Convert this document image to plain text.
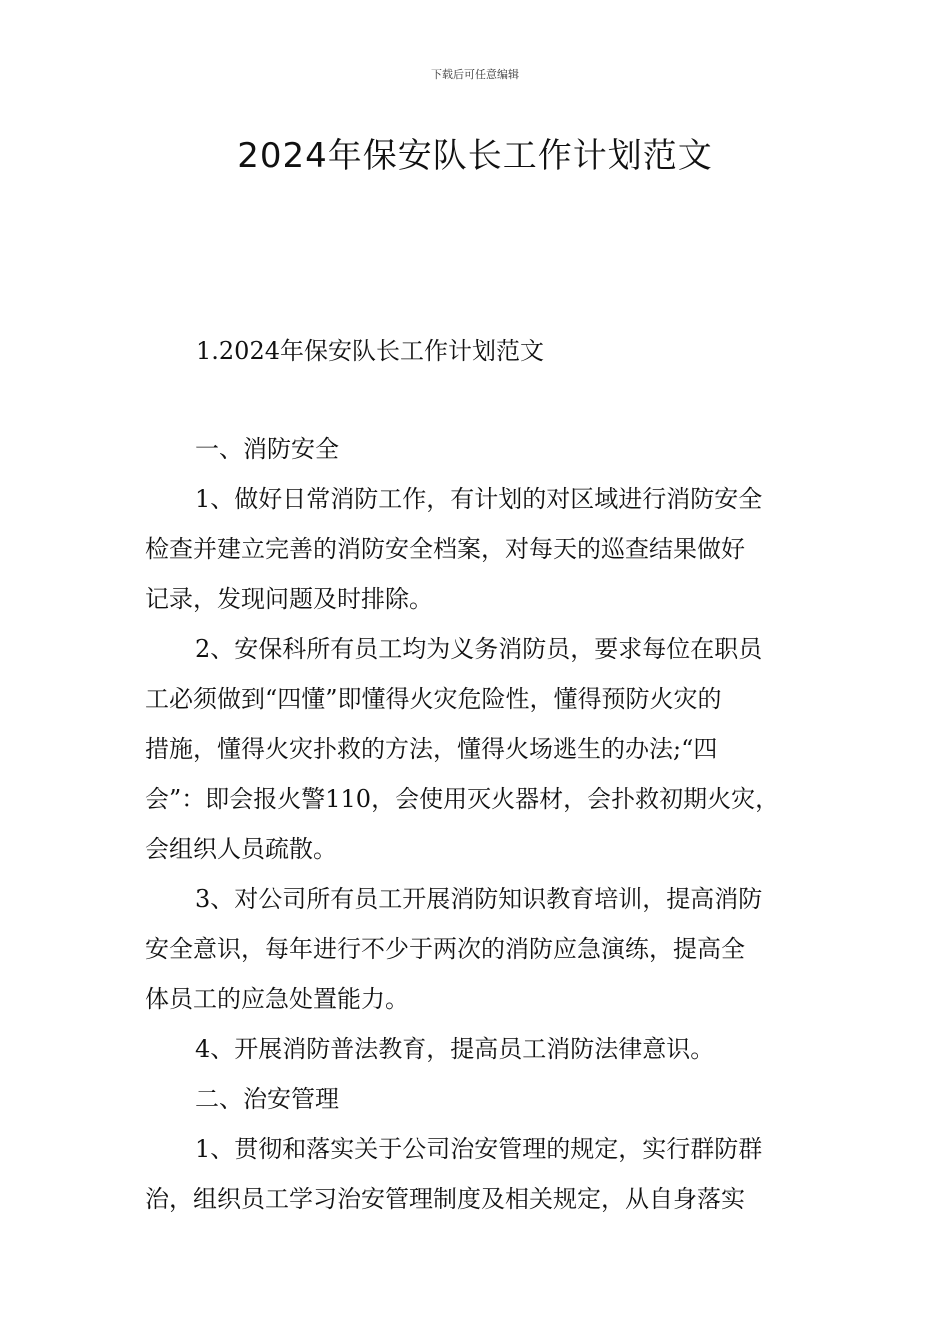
下载后可任意编辑
2024年保安队长工作计划范文
1.2024年保安队长工作计划范文
一、消防安全
1、做好日常消防工作，有计划的对区域进行消防安全
检查并建立完善的消防安全档案，对每天的巡查结果做好
记录，发现问题及时排除。
2、安保科所有员工均为义务消防员，要求每位在职员
工必须做到“四懂”即懂得火灾危险性，懂得预防火灾的
措施，懂得火灾扑救的方法，懂得火场逃生的办法;“四
会”：即会报火警110，会使用灭火器材，会扑救初期火灾，
会组织人员疏散。
3、对公司所有员工开展消防知识教育培训，提高消防
安全意识，每年进行不少于两次的消防应急演练，提高全
体员工的应急处置能力。
4、开展消防普法教育，提高员工消防法律意识。
二、治安管理
1、贯彻和落实关于公司治安管理的规定，实行群防群
治，组织员工学习治安管理制度及相关规定，从自身落实
